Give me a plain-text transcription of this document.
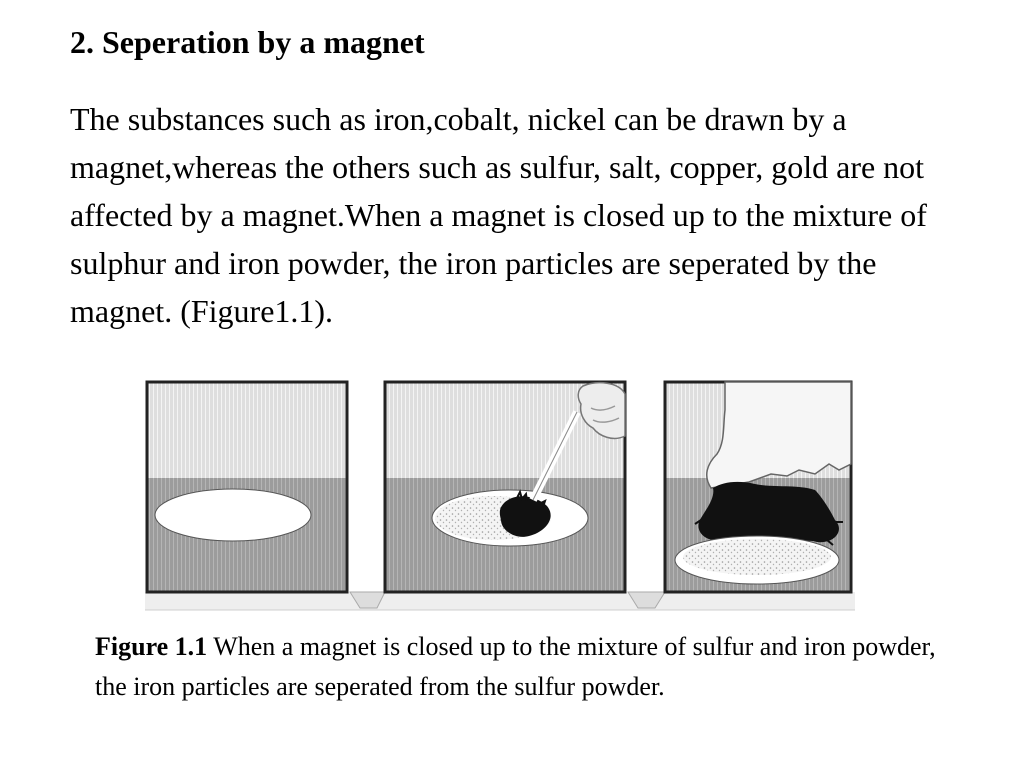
2. Seperation by a magnet
The substances such as iron,cobalt, nickel can be drawn by a magnet,whereas the others such as sulfur, salt, copper, gold are not affected by a magnet.When a magnet is closed up to the mixture of sulphur and iron powder, the iron particles are seperated by the magnet. (Figure1.1).
Figure 1.1 When a magnet is closed up to the mixture of sulfur and iron powder, the iron particles are seperated from the sulfur powder.
